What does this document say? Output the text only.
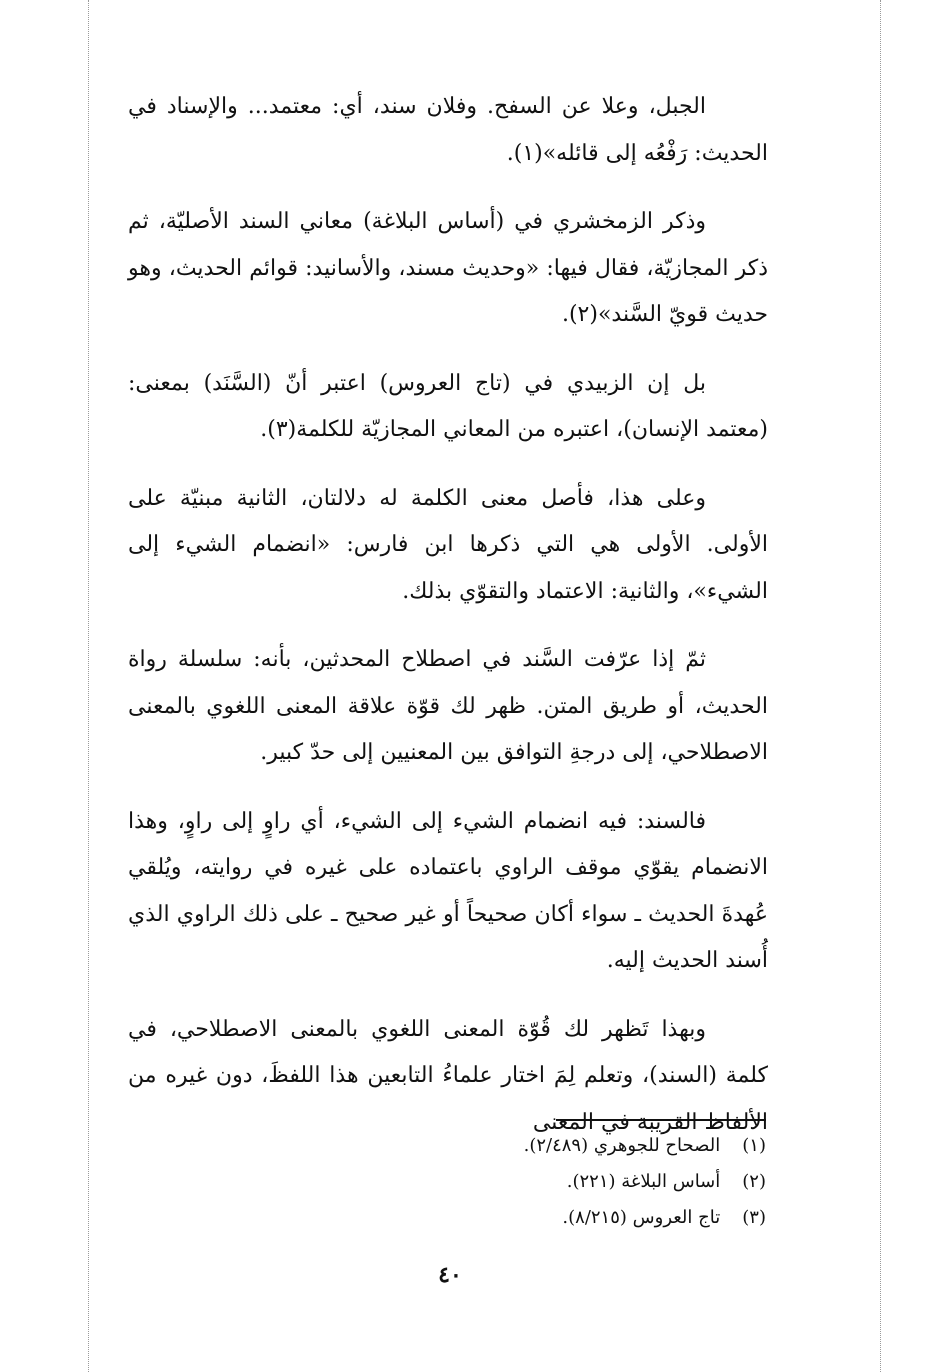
الجبل، وعلا عن السفح. وفلان سند، أي: معتمد... والإسناد في الحديث: رَفْعُه إلى قائله»(١).

وذكر الزمخشري في (أساس البلاغة) معاني السند الأصليّة، ثم ذكر المجازيّة، فقال فيها: «وحديث مسند، والأسانيد: قوائم الحديث، وهو حديث قويّ السَّند»(٢).

بل إن الزبيدي في (تاج العروس) اعتبر أنّ (السَّنَد) بمعنى: (معتمد الإنسان)، اعتبره من المعاني المجازيّة للكلمة(٣).

وعلى هذا، فأصل معنى الكلمة له دلالتان، الثانية مبنيّة على الأولى. الأولى هي التي ذكرها ابن فارس: «انضمام الشيء إلى الشيء»، والثانية: الاعتماد والتقوّي بذلك.

ثمّ إذا عرّفت السَّند في اصطلاح المحدثين، بأنه: سلسلة رواة الحديث، أو طريق المتن. ظهر لك قوّة علاقة المعنى اللغوي بالمعنى الاصطلاحي، إلى درجةِ التوافق بين المعنيين إلى حدّ كبير.

فالسند: فيه انضمام الشيء إلى الشيء، أي راوٍ إلى راوٍ، وهذا الانضمام يقوّي موقف الراوي باعتماده على غيره في روايته، ويُلقي عُهدةَ الحديث ـ سواء أكان صحيحاً أو غير صحيح ـ على ذلك الراوي الذي أُسند الحديث إليه.

وبهذا تَظهر لك قُوّة المعنى اللغوي بالمعنى الاصطلاحي، في كلمة (السند)، وتعلم لِمَ اختار علماءُ التابعين هذا اللفظَ، دون غيره من الألفاظ القريبة في المعنى

(١) الصحاح للجوهري (٢/٤٨٩).
(٢) أساس البلاغة (٢٢١).
(٣) تاج العروس (٨/٢١٥).
٤٠
